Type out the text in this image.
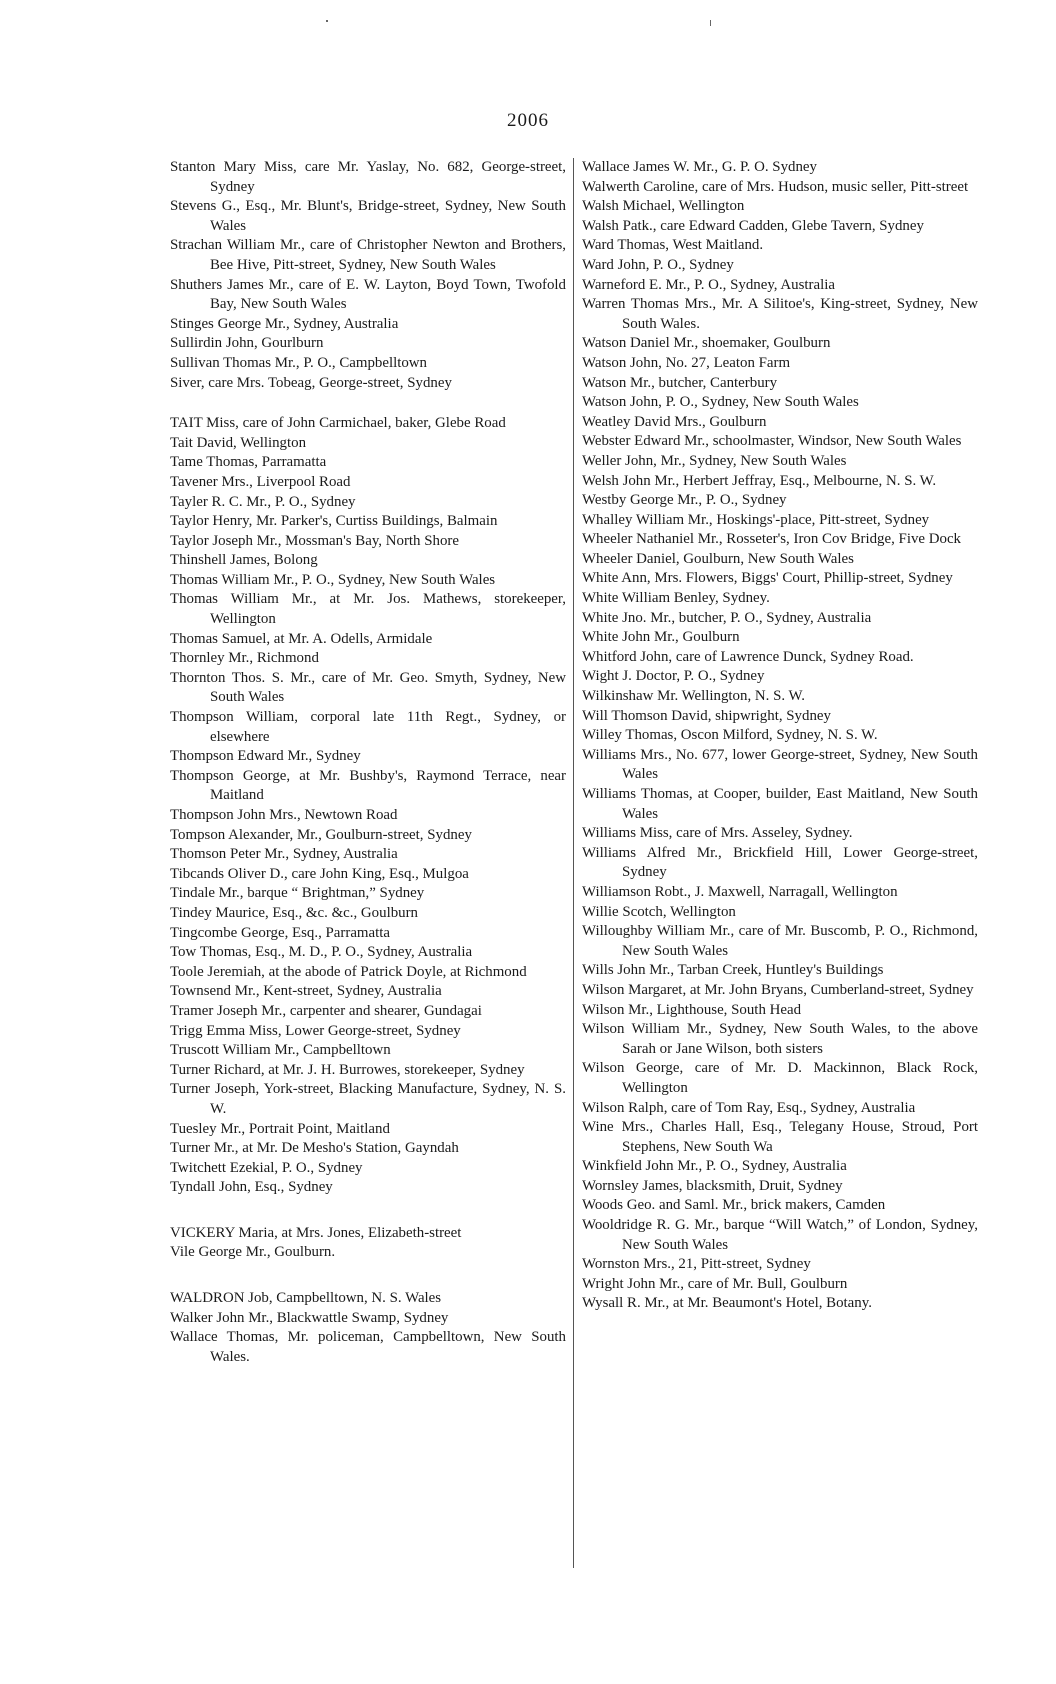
2006
Stanton Mary Miss, care Mr. Yaslay, No. 682, George-street, Sydney
Stevens G., Esq., Mr. Blunt's, Bridge-street, Sydney, New South Wales
Strachan William Mr., care of Christopher Newton and Brothers, Bee Hive, Pitt-street, Sydney, New South Wales
Shuthers James Mr., care of E. W. Layton, Boyd Town, Twofold Bay, New South Wales
Stinges George Mr., Sydney, Australia
Sullirdin John, Gourlburn
Sullivan Thomas Mr., P. O., Campbelltown
Siver, care Mrs. Tobeag, George-street, Sydney
TAIT Miss, care of John Carmichael, baker, Glebe Road
Tait David, Wellington
Tame Thomas, Parramatta
Tavener Mrs., Liverpool Road
Tayler R. C. Mr., P. O., Sydney
Taylor Henry, Mr. Parker's, Curtiss Buildings, Balmain
Taylor Joseph Mr., Mossman's Bay, North Shore
Thinshell James, Bolong
Thomas William Mr., P. O., Sydney, New South Wales
Thomas William Mr., at Mr. Jos. Mathews, storekeeper, Wellington
Thomas Samuel, at Mr. A. Odells, Armidale
Thornley Mr., Richmond
Thornton Thos. S. Mr., care of Mr. Geo. Smyth, Sydney, New South Wales
Thompson William, corporal late 11th Regt., Sydney, or elsewhere
Thompson Edward Mr., Sydney
Thompson George, at Mr. Bushby's, Raymond Terrace, near Maitland
Thompson John Mrs., Newtown Road
Tompson Alexander, Mr., Goulburn-street, Sydney
Thomson Peter Mr., Sydney, Australia
Tibcands Oliver D., care John King, Esq., Mulgoa
Tindale Mr., barque “ Brightman,” Sydney
Tindey Maurice, Esq., &c. &c., Goulburn
Tingcombe George, Esq., Parramatta
Tow Thomas, Esq., M. D., P. O., Sydney, Australia
Toole Jeremiah, at the abode of Patrick Doyle, at Richmond
Townsend Mr., Kent-street, Sydney, Australia
Tramer Joseph Mr., carpenter and shearer, Gundagai
Trigg Emma Miss, Lower George-street, Sydney
Truscott William Mr., Campbelltown
Turner Richard, at Mr. J. H. Burrowes, storekeeper, Sydney
Turner Joseph, York-street, Blacking Manufacture, Sydney, N. S. W.
Tuesley Mr., Portrait Point, Maitland
Turner Mr., at Mr. De Mesho's Station, Gayndah
Twitchett Ezekial, P. O., Sydney
Tyndall John, Esq., Sydney
VICKERY Maria, at Mrs. Jones, Elizabeth-street
Vile George Mr., Goulburn.
WALDRON Job, Campbelltown, N. S. Wales
Walker John Mr., Blackwattle Swamp, Sydney
Wallace Thomas, Mr. policeman, Campbelltown, New South Wales.
Wallace James W. Mr., G. P. O. Sydney
Walwerth Caroline, care of Mrs. Hudson, music seller, Pitt-street
Walsh Michael, Wellington
Walsh Patk., care Edward Cadden, Glebe Tavern, Sydney
Ward Thomas, West Maitland.
Ward John, P. O., Sydney
Warneford E. Mr., P. O., Sydney, Australia
Warren Thomas Mrs., Mr. A Silitoe's, King-street, Sydney, New South Wales.
Watson Daniel Mr., shoemaker, Goulburn
Watson John, No. 27, Leaton Farm
Watson Mr., butcher, Canterbury
Watson John, P. O., Sydney, New South Wales
Weatley David Mrs., Goulburn
Webster Edward Mr., schoolmaster, Windsor, New South Wales
Weller John, Mr., Sydney, New South Wales
Welsh John Mr., Herbert Jeffray, Esq., Melbourne, N. S. W.
Westby George Mr., P. O., Sydney
Whalley William Mr., Hoskings'-place, Pitt-street, Sydney
Wheeler Nathaniel Mr., Rosseter's, Iron Cov Bridge, Five Dock
Wheeler Daniel, Goulburn, New South Wales
White Ann, Mrs. Flowers, Biggs' Court, Phillip-street, Sydney
White William Benley, Sydney.
White Jno. Mr., butcher, P. O., Sydney, Australia
White John Mr., Goulburn
Whitford John, care of Lawrence Dunck, Sydney Road.
Wight J. Doctor, P. O., Sydney
Wilkinshaw Mr. Wellington, N. S. W.
Will Thomson David, shipwright, Sydney
Willey Thomas, Oscon Milford, Sydney, N. S. W.
Williams Mrs., No. 677, lower George-street, Sydney, New South Wales
Williams Thomas, at Cooper, builder, East Maitland, New South Wales
Williams Miss, care of Mrs. Asseley, Sydney.
Williams Alfred Mr., Brickfield Hill, Lower George-street, Sydney
Williamson Robt., J. Maxwell, Narragall, Wellington
Willie Scotch, Wellington
Willoughby William Mr., care of Mr. Buscomb, P. O., Richmond, New South Wales
Wills John Mr., Tarban Creek, Huntley's Buildings
Wilson Margaret, at Mr. John Bryans, Cumberland-street, Sydney
Wilson Mr., Lighthouse, South Head
Wilson William Mr., Sydney, New South Wales, to the above Sarah or Jane Wilson, both sisters
Wilson George, care of Mr. D. Mackinnon, Black Rock, Wellington
Wilson Ralph, care of Tom Ray, Esq., Sydney, Australia
Wine Mrs., Charles Hall, Esq., Telegany House, Stroud, Port Stephens, New South Wa
Winkfield John Mr., P. O., Sydney, Australia
Wornsley James, blacksmith, Druit, Sydney
Woods Geo. and Saml. Mr., brick makers, Camden
Wooldridge R. G. Mr., barque “Will Watch,” of London, Sydney, New South Wales
Wornston Mrs., 21, Pitt-street, Sydney
Wright John Mr., care of Mr. Bull, Goulburn
Wysall R. Mr., at Mr. Beaumont's Hotel, Botany.
